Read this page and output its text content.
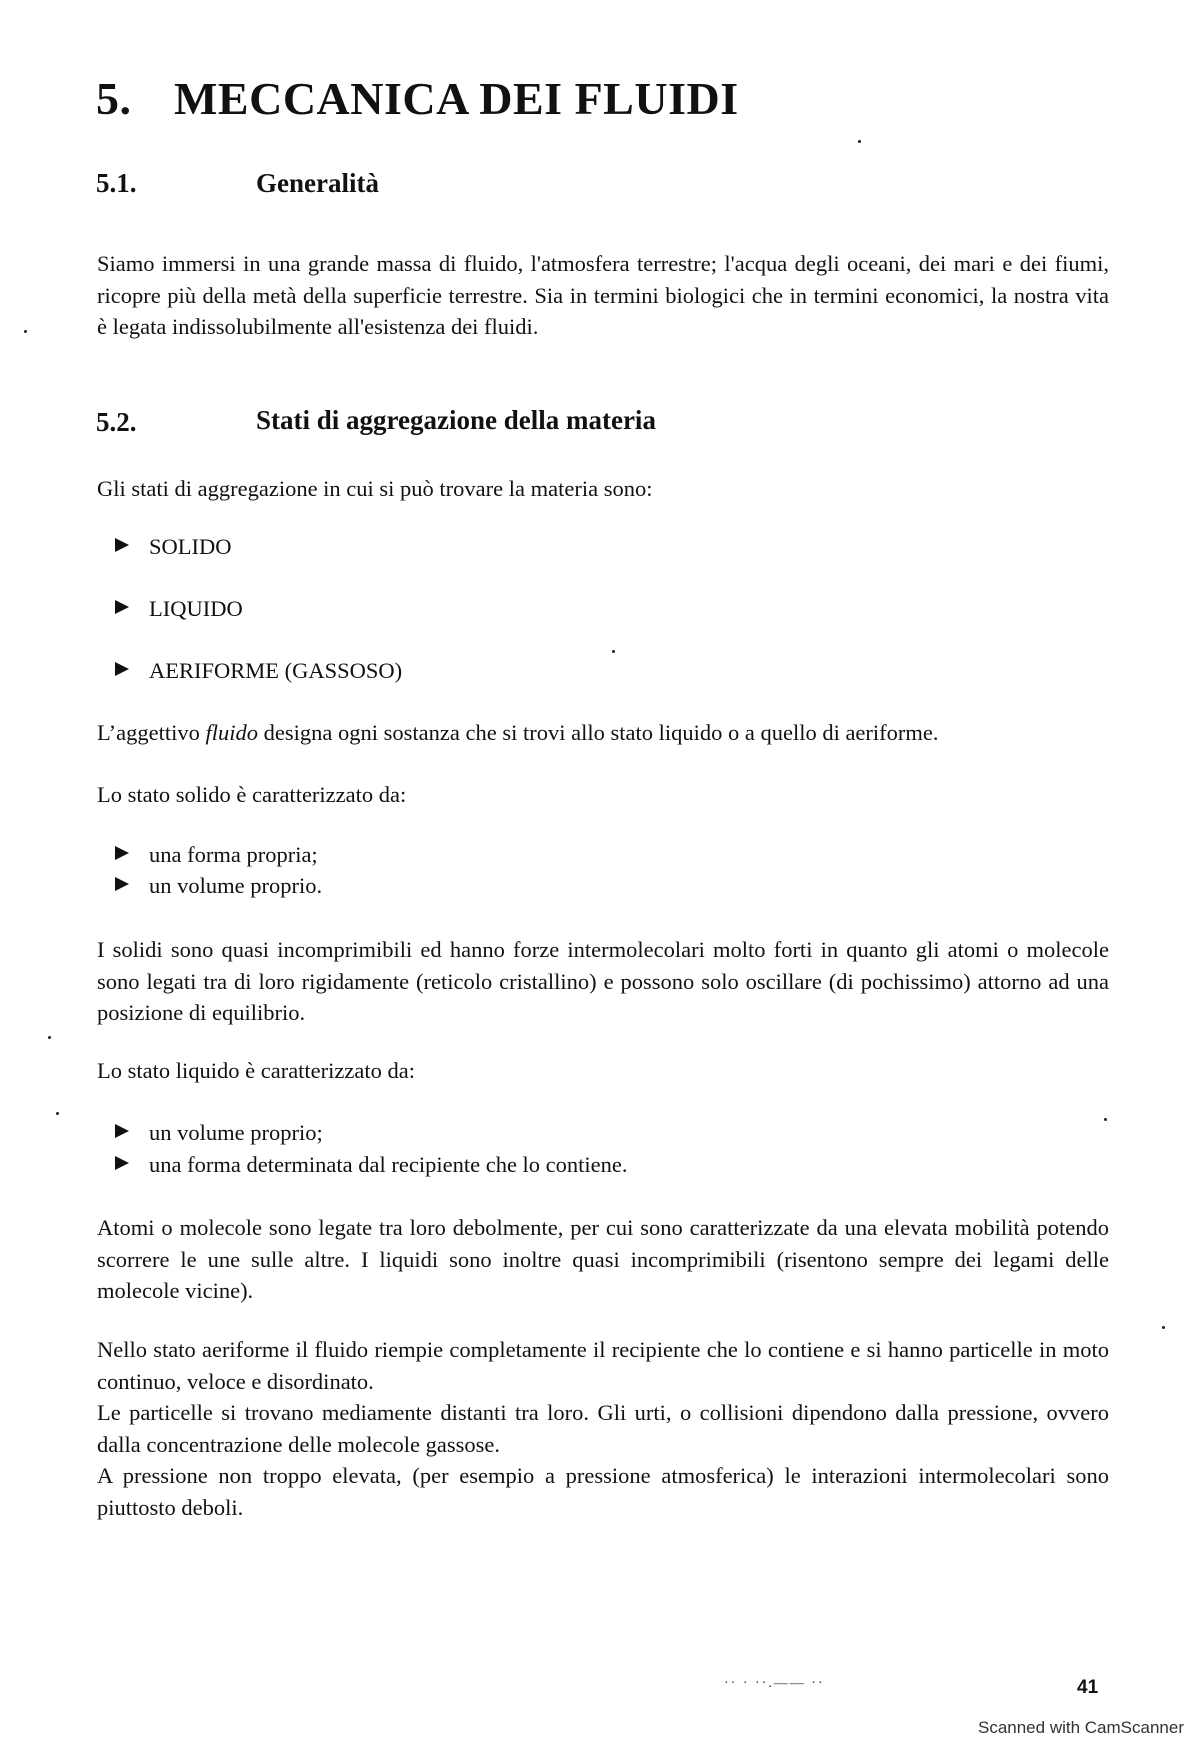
5. MECCANICA DEI FLUIDI
5.1.	Generalità
Siamo immersi in una grande massa di fluido, l'atmosfera terrestre; l'acqua degli oceani, dei mari e dei fiumi, ricopre più della metà della superficie terrestre. Sia in termini biologici che in termini economici, la nostra vita è legata indissolubilmente all'esistenza dei fluidi.
5.2.	Stati di aggregazione della materia
Gli stati di aggregazione in cui si può trovare la materia sono:
SOLIDO
LIQUIDO
AERIFORME (GASSOSO)
L’aggettivo fluido designa ogni sostanza che si trovi allo stato liquido o a quello di aeriforme.
Lo stato solido è caratterizzato da:
una forma propria;
un volume proprio.
I solidi sono quasi incomprimibili ed hanno forze intermolecolari molto forti in quanto gli atomi o molecole sono legati tra di loro rigidamente (reticolo cristallino) e possono solo oscillare (di pochissimo) attorno ad una posizione di equilibrio.
Lo stato liquido è caratterizzato da:
un volume proprio;
una forma determinata dal recipiente che lo contiene.
Atomi o molecole sono legate tra loro debolmente, per cui sono caratterizzate da una elevata mobilità potendo scorrere le une sulle altre. I liquidi sono inoltre quasi incomprimibili (risentono sempre dei legami delle molecole vicine).
Nello stato aeriforme il fluido riempie completamente il recipiente che lo contiene e si hanno particelle in moto continuo, veloce e disordinato.
Le particelle si trovano mediamente distanti tra loro. Gli urti, o collisioni dipendono dalla pressione, ovvero dalla concentrazione delle molecole gassose.
A pressione non troppo elevata, (per esempio a pressione atmosferica) le interazioni intermolecolari sono piuttosto deboli.
·· · ··.—— ··	41
Scanned with CamScanner
